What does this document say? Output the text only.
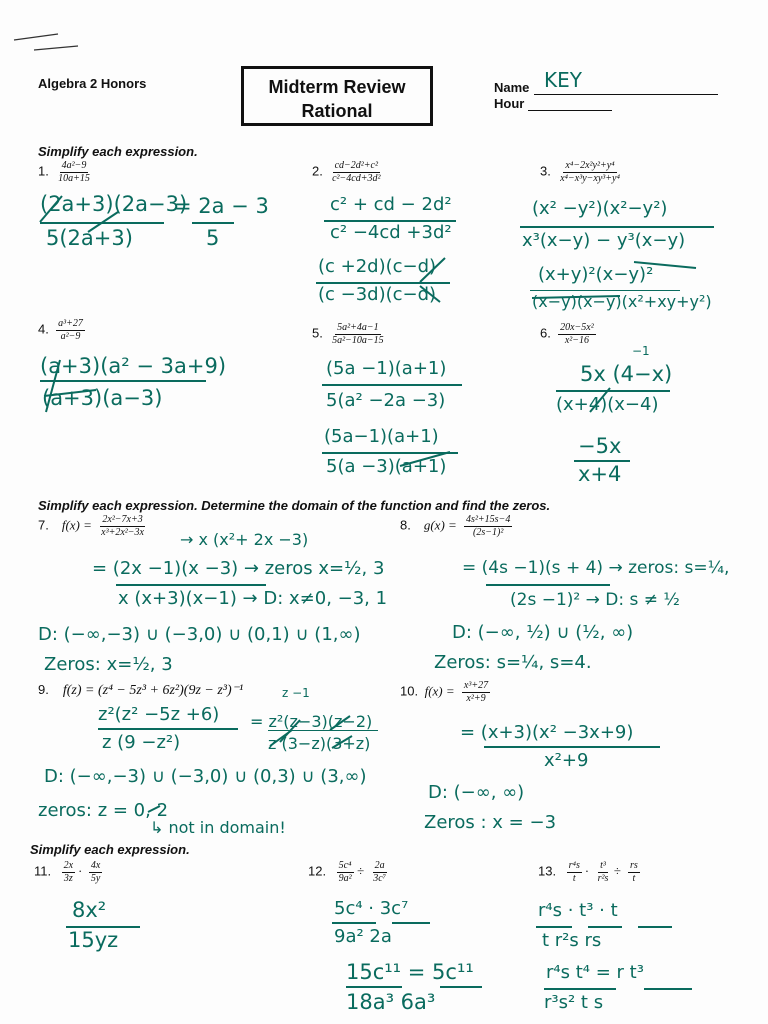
Algebra 2 Honors	Midterm Review
Rational
Name KEY
Hour
Simplify each expression.
1. $\frac{\text{4a²−9}}{10a+15}$
(2a+3)(2a−3)
= 2a − 3
5(2a+3)	5
2. $\frac{\text{cd−2d²+c²}}{\text{c²−4cd+3d²}}$
c² + cd − 2d²
c² −4cd +3d²
(c +2d)(c−d)
(c −3d)(c−d)
3. $\frac{\text{x⁴−2x²y²+y⁴}}{\text{x⁴−x³y−xy³+y⁴}}$
(x² −y²)(x²−y²)
x³(x−y) − y³(x−y)
(x+y)²(x−y)²
(x−y)(x−y)(x²+xy+y²)
4. $\frac{\text{a³+27}}{\text{a²−9}}$
(a+3)(a² − 3a+9)
(a+3)(a−3)
5. $\frac{\text{5a²+4a−1}}{\text{5a²−10a−15}}$
(5a −1)(a+1)
5(a² −2a −3)
(5a−1)(a+1)
5(a −3)(a+1)
6. $\frac{\text{20x−5x²}}{\text{x²−16}}$
−1
5x (4−x)
(x+4)(x−4)
−5x
x+4
Simplify each expression. Determine the domain of the function and find the zeros.
7. $f(x) = \frac{\text{2x²−7x+3}}{\text{x³+2x²−3x}}$
→ x (x²+ 2x −3)
= (2x −1)(x −3) → zeros x=½, 3
x (x+3)(x−1) → D: x≠0, −3, 1
D: (−∞,−3) ∪ (−3,0) ∪ (0,1) ∪ (1,∞)
Zeros: x=½, 3
8. $g(x) = \frac{\text{4s²+15s−4}}{\text{(2s−1)²}}$
= (4s −1)(s + 4) → zeros: s=¼,
(2s −1)² → D: s ≠ ½
D: (−∞, ½) ∪ (½, ∞)
Zeros: s=¼, s=4.
9. f(z) = (z⁴ − 5z³ + 6z²)(9z − z³)⁻¹	z −1
z²(z² −5z +6) = z²(z−3)(z−2)
z (9 −z²)	z (3−z)(3+z)
D: (−∞,−3) ∪ (−3,0) ∪ (0,3) ∪ (3,∞)
zeros: z = 0, 2
↳ not in domain!
10. $f(x) = \frac{\text{x³+27}}{\text{x²+9}}$
= (x+3)(x² −3x+9)
x²+9
D: (−∞, ∞)
Zeros : x = −3
Simplify each expression.
11. $\frac{2x}{3z} \cdot \frac{4x}{5y}$
8x²
15yz
12. $\frac{\text{5c⁴}}{\text{9a²}} \div \frac{2a}{\text{3c⁷}}$
5c⁴ · 3c⁷
9a² 2a
15c¹¹ = 5c¹¹
18a³ 6a³
13. $\frac{\text{r⁴s}}{t} \cdot \frac{\text{t³}}{\text{r²s}} \div \frac{rs}{t}$
r⁴s · t³ · t
t r²s rs
r⁴s t⁴ = r t³
r³s² t s
